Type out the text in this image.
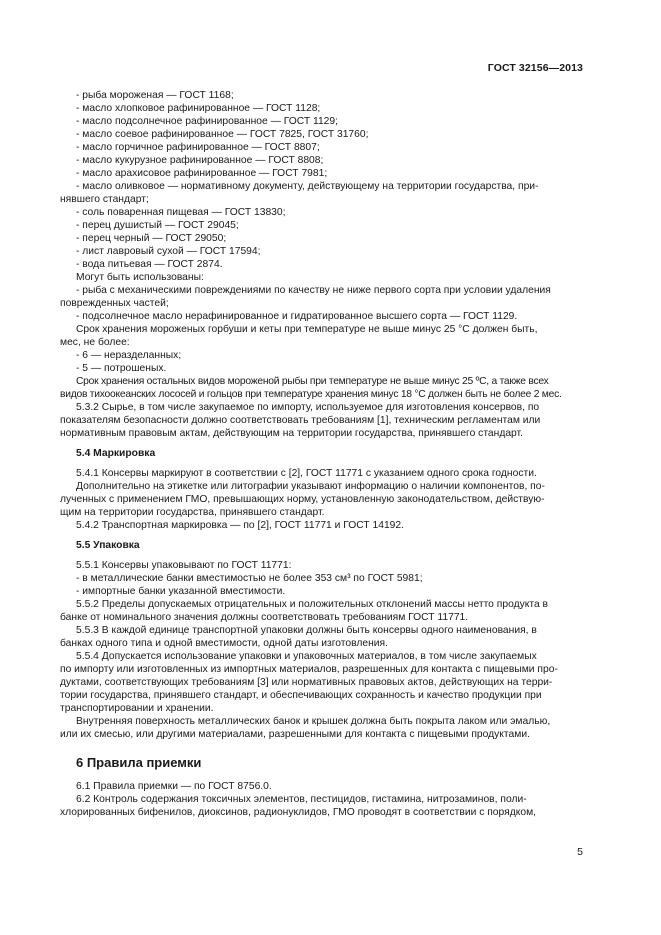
ГОСТ 32156—2013
- рыба мороженая — ГОСТ 1168;
- масло хлопковое рафинированное — ГОСТ 1128;
- масло подсолнечное рафинированное — ГОСТ 1129;
- масло соевое рафинированное — ГОСТ 7825, ГОСТ 31760;
- масло горчичное рафинированное — ГОСТ 8807;
- масло кукурузное рафинированное — ГОСТ 8808;
- масло арахисовое рафинированное — ГОСТ 7981;
- масло оливковое — нормативному документу, действующему на территории государства, при-
нявшего стандарт;
- соль поваренная пищевая — ГОСТ 13830;
- перец душистый — ГОСТ 29045;
- перец черный — ГОСТ 29050;
- лист лавровый сухой — ГОСТ 17594;
- вода питьевая — ГОСТ 2874.
Могут быть использованы:
- рыба с механическими повреждениями по качеству не ниже первого сорта при условии удаления
поврежденных частей;
- подсолнечное масло нерафинированное и гидратированное высшего сорта — ГОСТ 1129.
Срок хранения мороженых горбуши и кеты при температуре не выше минус 25 °С должен быть,
мес, не более:
- 6 — неразделанных;
- 5 — потрошеных.
Срок хранения остальных видов мороженой рыбы при температуре не выше минус 25 ºС, а также всех
видов тихоокеанских лососей и гольцов при температуре хранения минус 18 °С должен быть не более 2 мес.
5.3.2 Сырье, в том числе закупаемое по импорту, используемое для изготовления консервов, по
показателям безопасности должно соответствовать требованиям [1], техническим регламентам или
нормативным правовым актам, действующим на территории государства, принявшего стандарт.
5.4 Маркировка
5.4.1 Консервы маркируют в соответствии с [2], ГОСТ 11771 с указанием одного срока годности.
Дополнительно на этикетке или литографии указывают информацию о наличии компонентов, по-
лученных с применением ГМО, превышающих норму, установленную законодательством, действую-
щим на территории государства, принявшего стандарт.
5.4.2 Транспортная маркировка — по [2], ГОСТ 11771 и ГОСТ 14192.
5.5 Упаковка
5.5.1 Консервы упаковывают по ГОСТ 11771:
- в металлические банки вместимостью не более 353 см³ по ГОСТ 5981;
- импортные банки указанной вместимости.
5.5.2 Пределы допускаемых отрицательных и положительных отклонений массы нетто продукта в
банке от номинального значения должны соответствовать требованиям ГОСТ 11771.
5.5.3 В каждой единице транспортной упаковки должны быть консервы одного наименования, в
банках одного типа и одной вместимости, одной даты изготовления.
5.5.4 Допускается использование упаковки и упаковочных материалов, в том числе закупаемых
по импорту или изготовленных из импортных материалов, разрешенных для контакта с пищевыми про-
дуктами, соответствующих требованиям [3] или нормативных правовых актов, действующих на терри-
тории государства, принявшего стандарт, и обеспечивающих сохранность и качество продукции при
транспортировании и хранении.
Внутренняя поверхность металлических банок и крышек должна быть покрыта лаком или эмалью,
или их смесью, или другими материалами, разрешенными для контакта с пищевыми продуктами.
6 Правила приемки
6.1 Правила приемки — по ГОСТ 8756.0.
6.2 Контроль содержания токсичных элементов, пестицидов, гистамина, нитрозаминов, поли-
хлорированных бифенилов, диоксинов, радионуклидов, ГМО проводят в соответствии с порядком,
5
